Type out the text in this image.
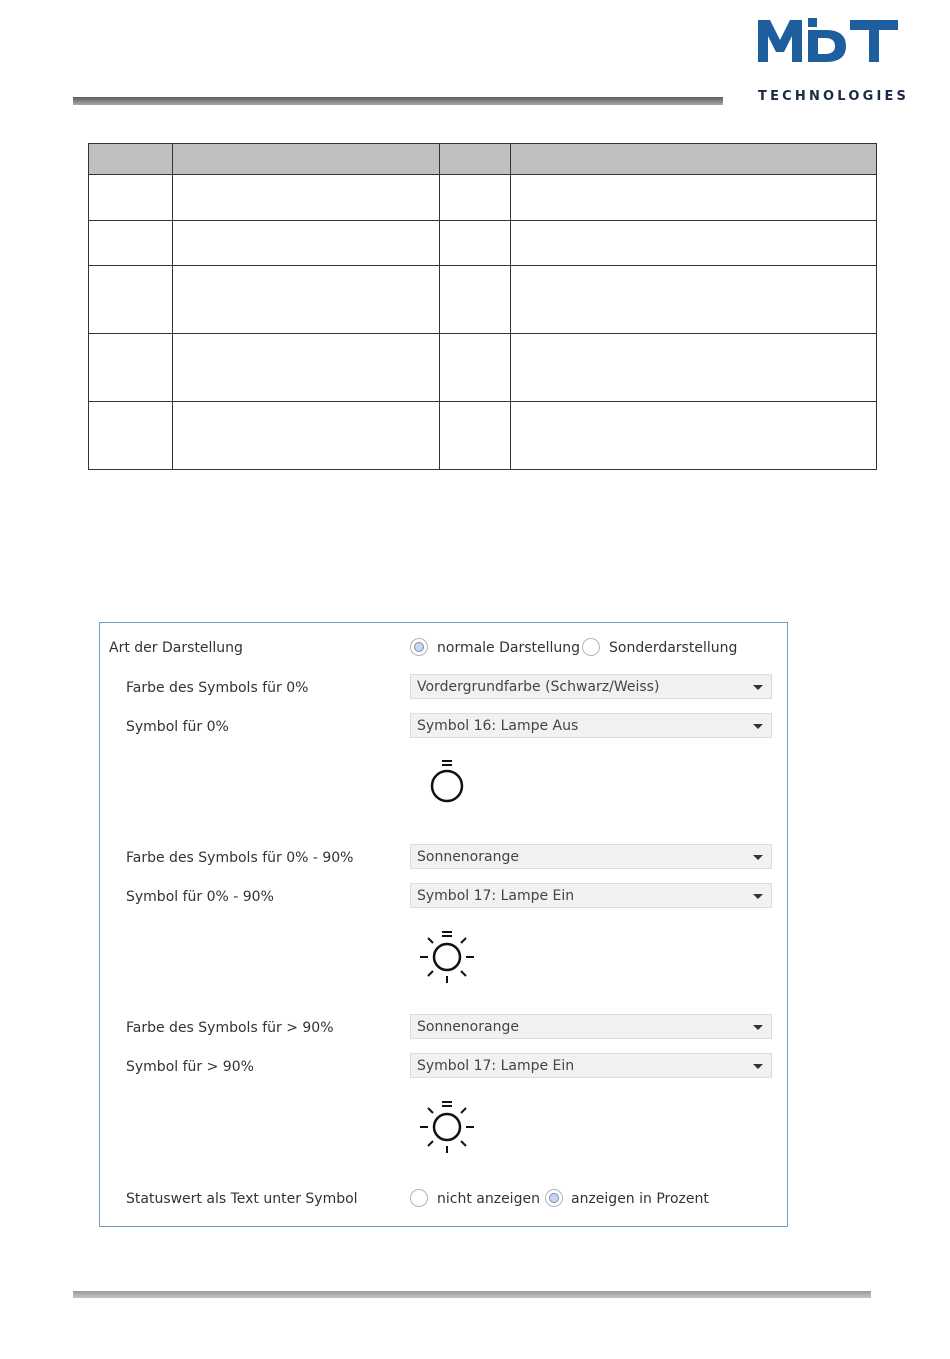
TECHNOLOGIES

Art der Darstellung	normale Darstellung Sonderdarstellung
Farbe des Symbols für 0%	Vordergrundfarbe (Schwarz/Weiss)
Symbol für 0%	Symbol 16: Lampe Aus
Farbe des Symbols für 0% - 90%	Sonnenorange
Symbol für 0% - 90%	Symbol 17: Lampe Ein
Farbe des Symbols für > 90%	Sonnenorange
Symbol für > 90%	Symbol 17: Lampe Ein
Statuswert als Text unter Symbol	nicht anzeigen anzeigen in Prozent
